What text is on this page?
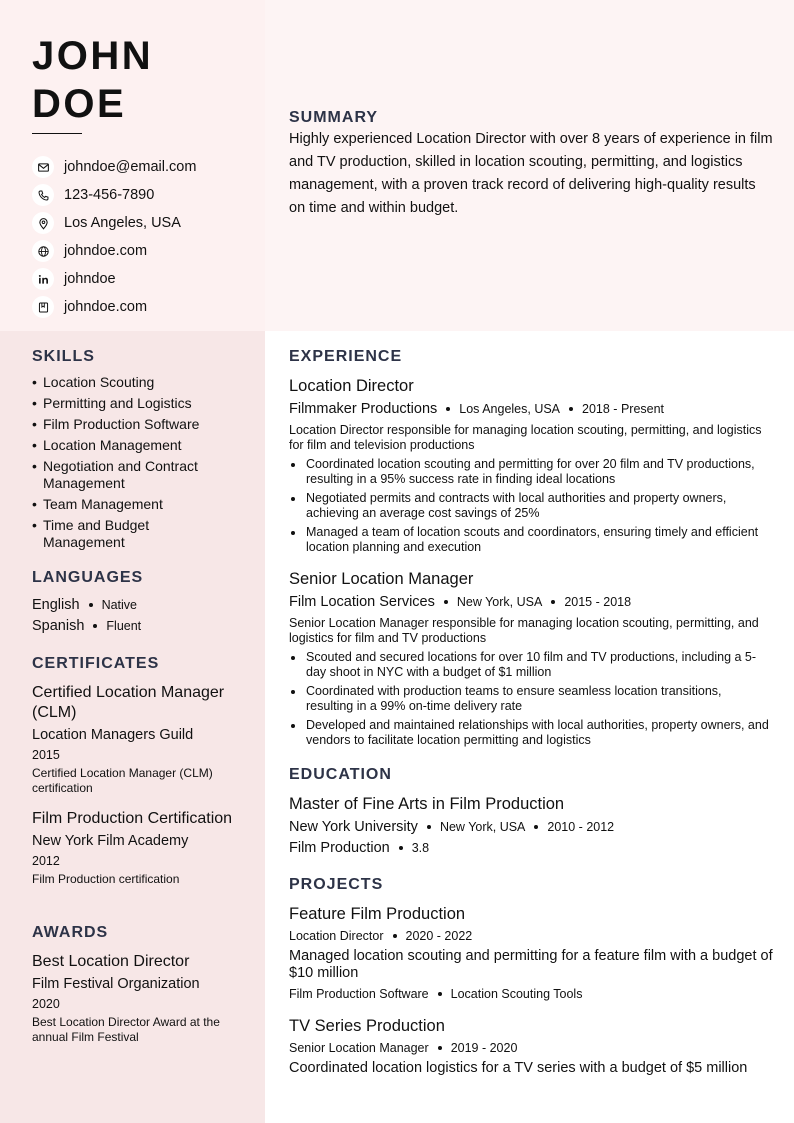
JOHN
DOE
johndoe@email.com
123-456-7890
Los Angeles, USA
johndoe.com
johndoe
johndoe.com
SUMMARY
Highly experienced Location Director with over 8 years of experience in film and TV production, skilled in location scouting, permitting, and logistics management, with a proven track record of delivering high-quality results on time and within budget.
SKILLS
• Location Scouting
• Permitting and Logistics
• Film Production Software
• Location Management
• Negotiation and Contract Management
• Team Management
• Time and Budget Management
LANGUAGES
English Native
Spanish Fluent
CERTIFICATES
Certified Location Manager (CLM)
Location Managers Guild
2015
Certified Location Manager (CLM) certification
Film Production Certification
New York Film Academy
2012
Film Production certification
AWARDS
Best Location Director
Film Festival Organization
2020
Best Location Director Award at the annual Film Festival
EXPERIENCE
Location Director
Filmmaker Productions Los Angeles, USA 2018 - Present
Location Director responsible for managing location scouting, permitting, and logistics for film and television productions
Coordinated location scouting and permitting for over 20 film and TV productions, resulting in a 95% success rate in finding ideal locations
Negotiated permits and contracts with local authorities and property owners, achieving an average cost savings of 25%
Managed a team of location scouts and coordinators, ensuring timely and efficient location planning and execution
Senior Location Manager
Film Location Services New York, USA 2015 - 2018
Senior Location Manager responsible for managing location scouting, permitting, and logistics for film and TV productions
Scouted and secured locations for over 10 film and TV productions, including a 5-day shoot in NYC with a budget of $1 million
Coordinated with production teams to ensure seamless location transitions, resulting in a 99% on-time delivery rate
Developed and maintained relationships with local authorities, property owners, and vendors to facilitate location permitting and logistics
EDUCATION
Master of Fine Arts in Film Production
New York University New York, USA 2010 - 2012
Film Production 3.8
PROJECTS
Feature Film Production
Location Director 2020 - 2022
Managed location scouting and permitting for a feature film with a budget of $10 million
Film Production Software Location Scouting Tools
TV Series Production
Senior Location Manager 2019 - 2020
Coordinated location logistics for a TV series with a budget of $5 million
